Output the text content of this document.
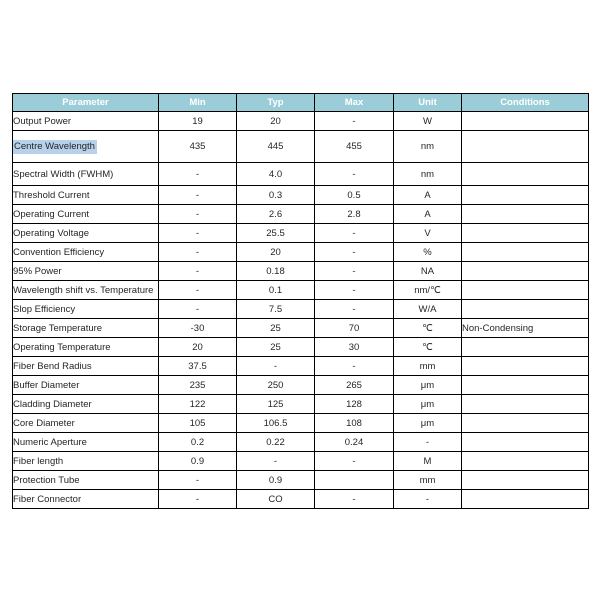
Parameter	Min	Typ	Max	Unit	Conditions
Output Power	19	20	-	W	
Centre Wavelength	435	445	455	nm	
Spectral Width (FWHM)	-	4.0	-	nm	
Threshold Current	-	0.3	0.5	A	
Operating Current	-	2.6	2.8	A	
Operating Voltage	-	25.5	-	V	
Convention Efficiency	-	20	-	%	
95% Power	-	0.18	-	NA	
Wavelength shift vs. Temperature	-	0.1	-	nm/℃	
Slop Efficiency	-	7.5	-	W/A	
Storage Temperature	-30	25	70	℃	Non-Condensing
Operating Temperature	20	25	30	℃	
Fiber Bend Radius	37.5	-	-	mm	
Buffer Diameter	235	250	265	μm	
Cladding Diameter	122	125	128	μm	
Core Diameter	105	106.5	108	μm	
Numeric Aperture	0.2	0.22	0.24	-	
Fiber length	0.9	-	-	M	
Protection Tube	-	0.9		mm	
Fiber Connector	-	CO	-	-	
